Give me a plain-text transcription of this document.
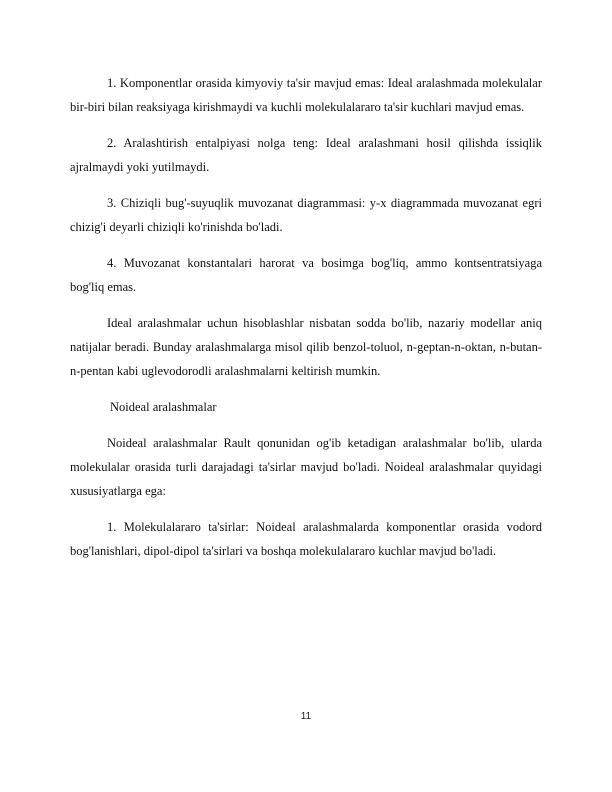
1. Komponentlar orasida kimyoviy ta'sir mavjud emas: Ideal aralashmada molekulalar bir-biri bilan reaksiyaga kirishmaydi va kuchli molekulalararo ta'sir kuchlari mavjud emas.

2. Aralashtirish entalpiyasi nolga teng: Ideal aralashmani hosil qilishda issiqlik ajralmaydi yoki yutilmaydi.

3. Chiziqli bug'-suyuqlik muvozanat diagrammasi: y-x diagrammada muvozanat egri chizig'i deyarli chiziqli ko'rinishda bo'ladi.

4. Muvozanat konstantalari harorat va bosimga bog'liq, ammo kontsentratsiyaga bog'liq emas.

Ideal aralashmalar uchun hisoblashlar nisbatan sodda bo'lib, nazariy modellar aniq natijalar beradi. Bunday aralashmalarga misol qilib benzol-toluol, n-geptan-n-oktan, n-butan-n-pentan kabi uglevodorodli aralashmalarni keltirish mumkin.

Noideal aralashmalar

Noideal aralashmalar Rault qonunidan og'ib ketadigan aralashmalar bo'lib, ularda molekulalar orasida turli darajadagi ta'sirlar mavjud bo'ladi. Noideal aralashmalar quyidagi xususiyatlarga ega:

1. Molekulalararo ta'sirlar: Noideal aralashmalarda komponentlar orasida vodord bog'lanishlari, dipol-dipol ta'sirlari va boshqa molekulalararo kuchlar mavjud bo'ladi.

11
